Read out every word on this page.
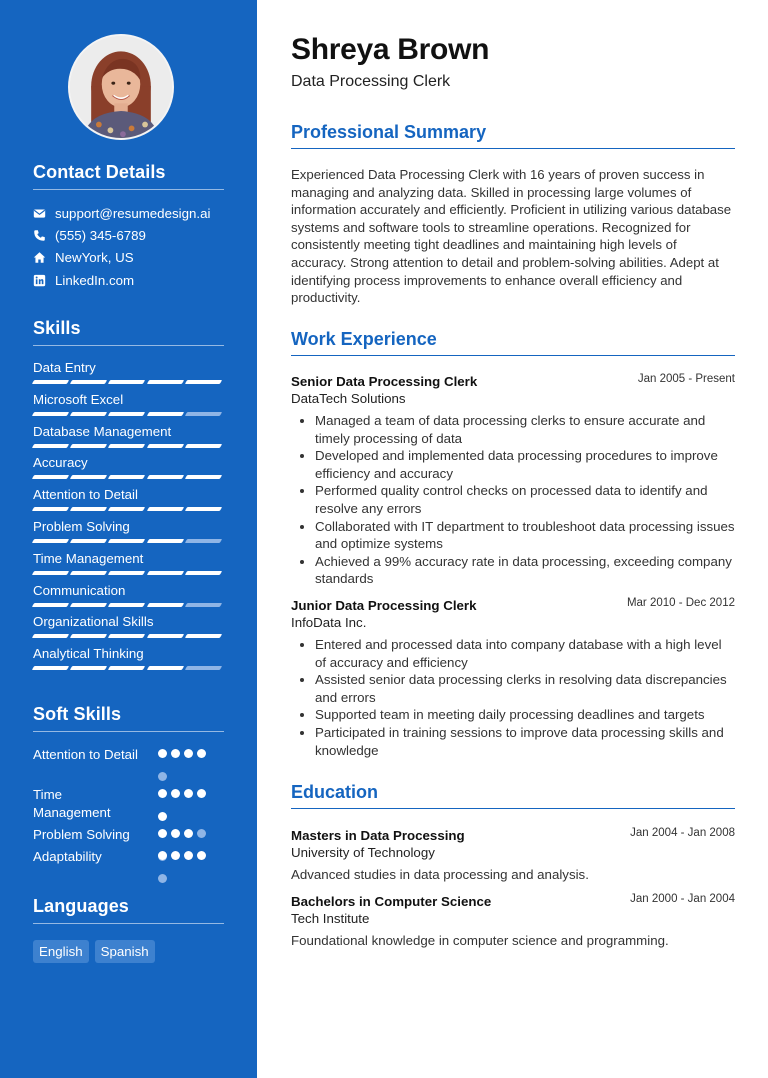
Contact Details
support@resumedesign.ai
(555) 345-6789
NewYork, US
LinkedIn.com
Skills
Data Entry
Microsoft Excel
Database Management
Accuracy
Attention to Detail
Problem Solving
Time Management
Communication
Organizational Skills
Analytical Thinking
Soft Skills
Attention to Detail
Time Management
Problem Solving
Adaptability
Languages
English	Spanish
Shreya Brown
Data Processing Clerk
Professional Summary

Experienced Data Processing Clerk with 16 years of proven success in managing and analyzing data. Skilled in processing large volumes of information accurately and efficiently. Proficient in utilizing various database systems and software tools to streamline operations. Recognized for consistently meeting tight deadlines and maintaining high levels of accuracy. Strong attention to detail and problem-solving abilities. Adept at identifying process improvements to enhance overall efficiency and productivity.

Work Experience
Senior Data Processing Clerk	Jan 2005 - Present
DataTech Solutions
• Managed a team of data processing clerks to ensure accurate and timely processing of data
• Developed and implemented data processing procedures to improve efficiency and accuracy
• Performed quality control checks on processed data to identify and resolve any errors
• Collaborated with IT department to troubleshoot data processing issues and optimize systems
• Achieved a 99% accuracy rate in data processing, exceeding company standards
Junior Data Processing Clerk	Mar 2010 - Dec 2012
InfoData Inc.
• Entered and processed data into company database with a high level of accuracy and efficiency
• Assisted senior data processing clerks in resolving data discrepancies and errors
• Supported team in meeting daily processing deadlines and targets
• Participated in training sessions to improve data processing skills and knowledge
Education
Masters in Data Processing	Jan 2004 - Jan 2008
University of Technology
Advanced studies in data processing and analysis.
Bachelors in Computer Science	Jan 2000 - Jan 2004
Tech Institute
Foundational knowledge in computer science and programming.
